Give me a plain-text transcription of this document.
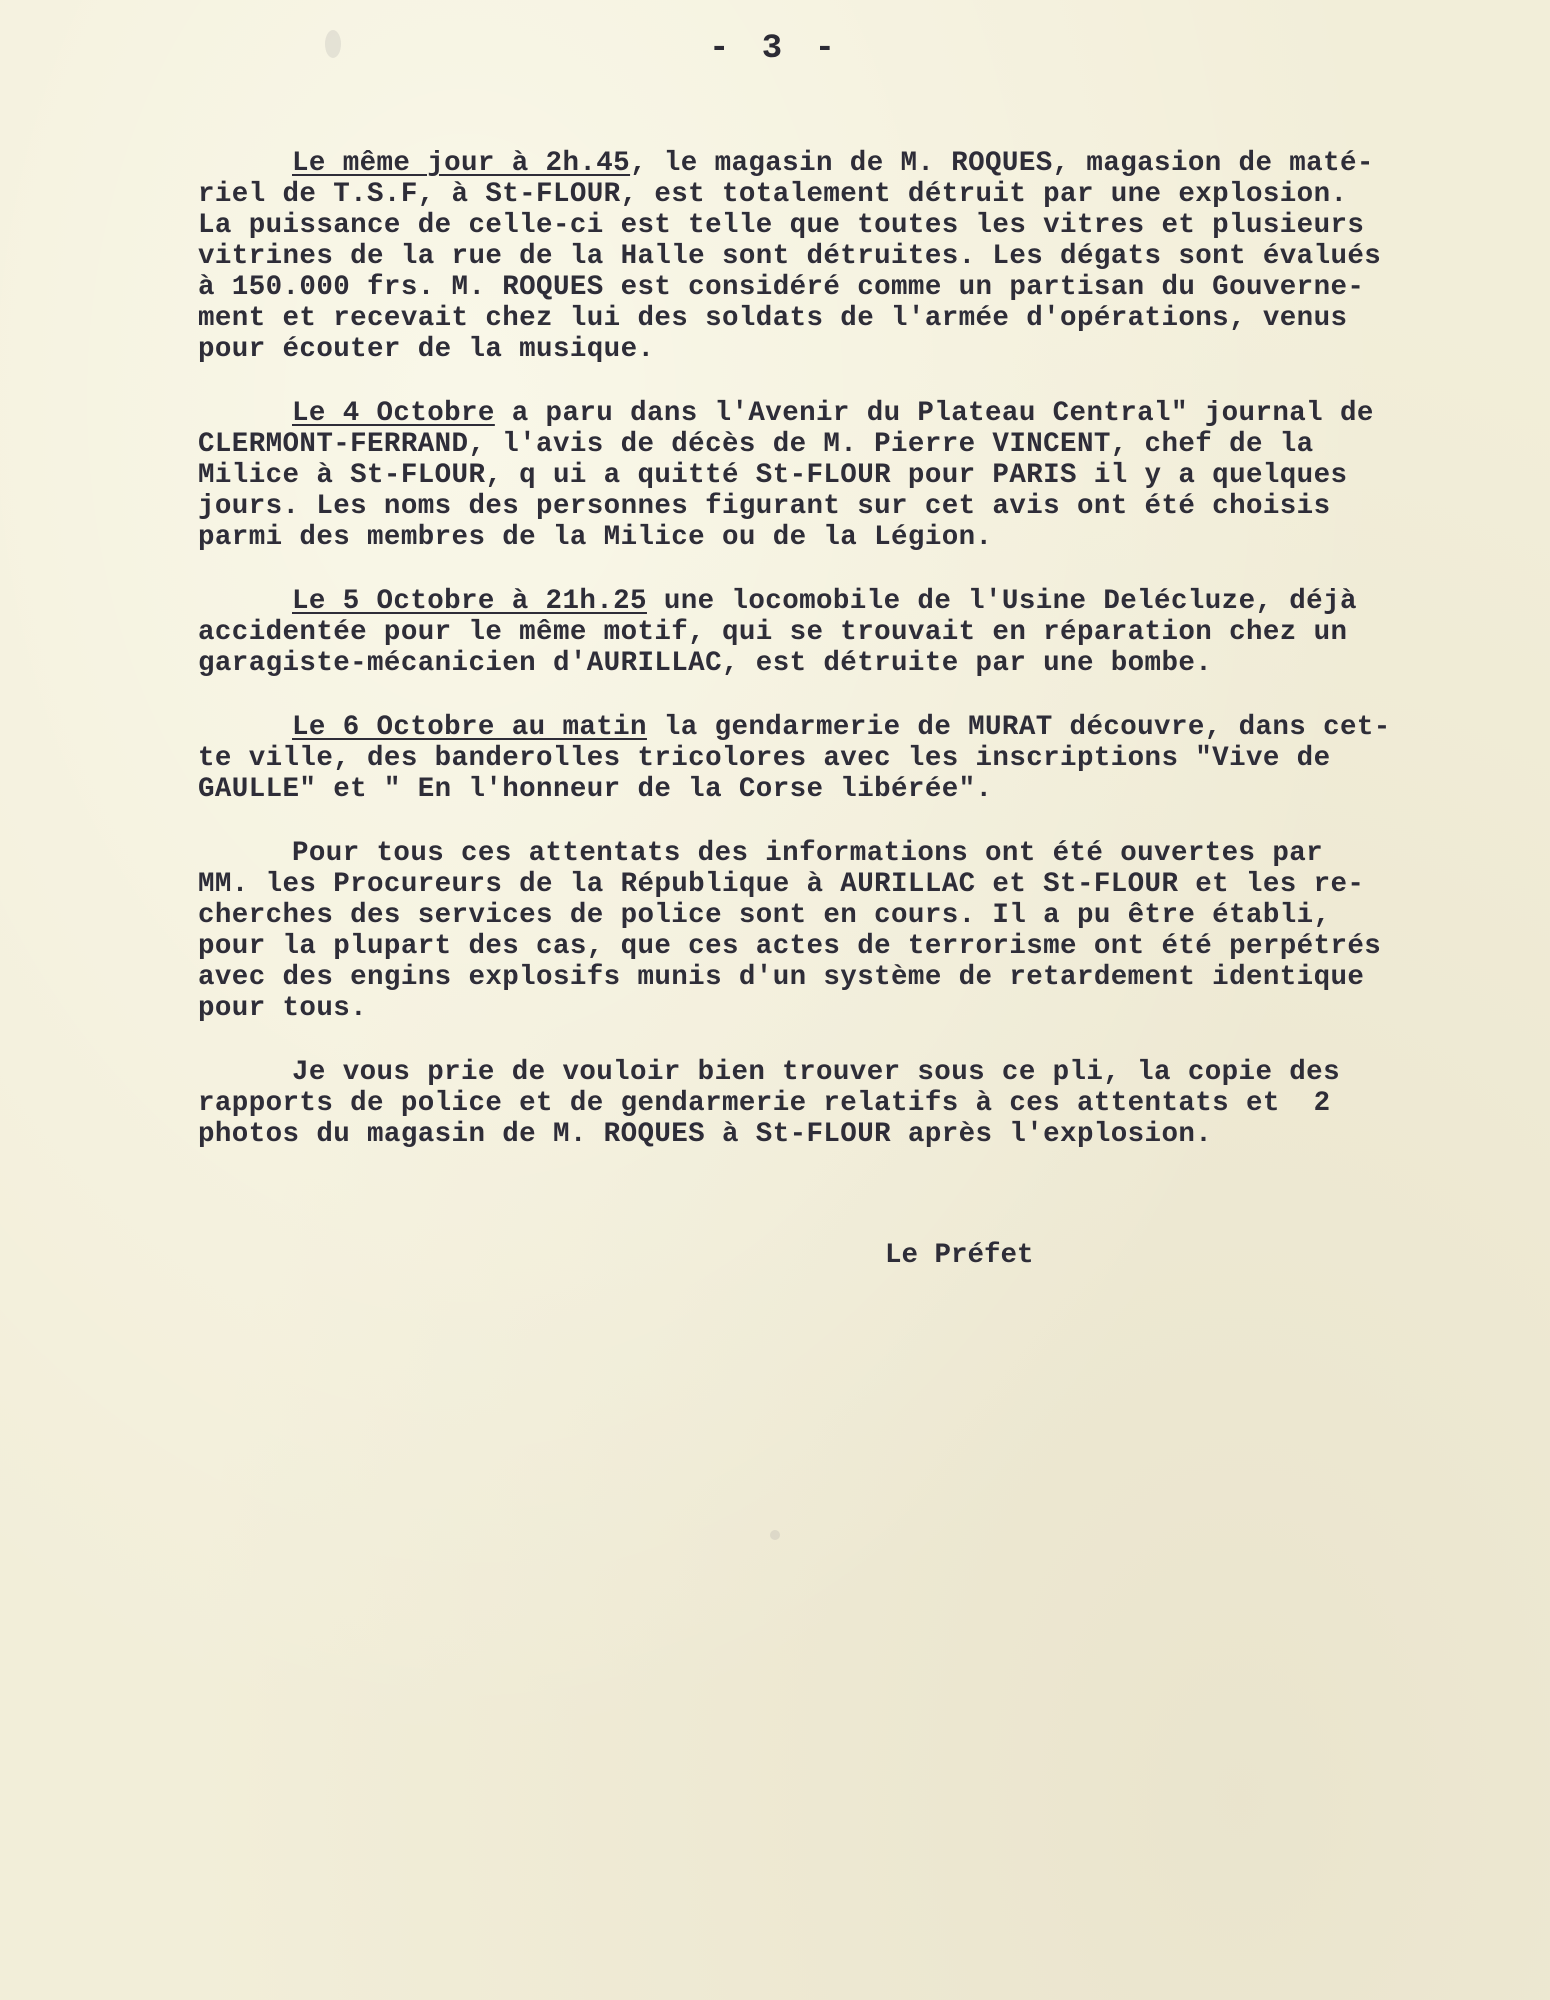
- 3 -
Le même jour à 2h.45, le magasin de M. ROQUES, magasion de maté-
riel de T.S.F, à St-FLOUR, est totalement détruit par une explosion.
La puissance de celle-ci est telle que toutes les vitres et plusieurs
vitrines de la rue de la Halle sont détruites. Les dégats sont évalués
à 150.000 frs. M. ROQUES est considéré comme un partisan du Gouverne-
ment et recevait chez lui des soldats de l'armée d'opérations, venus
pour écouter de la musique.
Le 4 Octobre a paru dans l'Avenir du Plateau Central" journal de
CLERMONT-FERRAND, l'avis de décès de M. Pierre VINCENT, chef de la
Milice à St-FLOUR, q ui a quitté St-FLOUR pour PARIS il y a quelques
jours. Les noms des personnes figurant sur cet avis ont été choisis
parmi des membres de la Milice ou de la Légion.
Le 5 Octobre à 21h.25 une locomobile de l'Usine Delécluze, déjà
accidentée pour le même motif, qui se trouvait en réparation chez un
garagiste-mécanicien d'AURILLAC, est détruite par une bombe.
Le 6 Octobre au matin la gendarmerie de MURAT découvre, dans cet-
te ville, des banderolles tricolores avec les inscriptions "Vive de
GAULLE" et " En l'honneur de la Corse libérée".
Pour tous ces attentats des informations ont été ouvertes par
MM. les Procureurs de la République à AURILLAC et St-FLOUR et les re-
cherches des services de police sont en cours. Il a pu être établi,
pour la plupart des cas, que ces actes de terrorisme ont été perpétrés
avec des engins explosifs munis d'un système de retardement identique
pour tous.
Je vous prie de vouloir bien trouver sous ce pli, la copie des
rapports de police et de gendarmerie relatifs à ces attentats et  2
photos du magasin de M. ROQUES à St-FLOUR après l'explosion.
Le Préfet
